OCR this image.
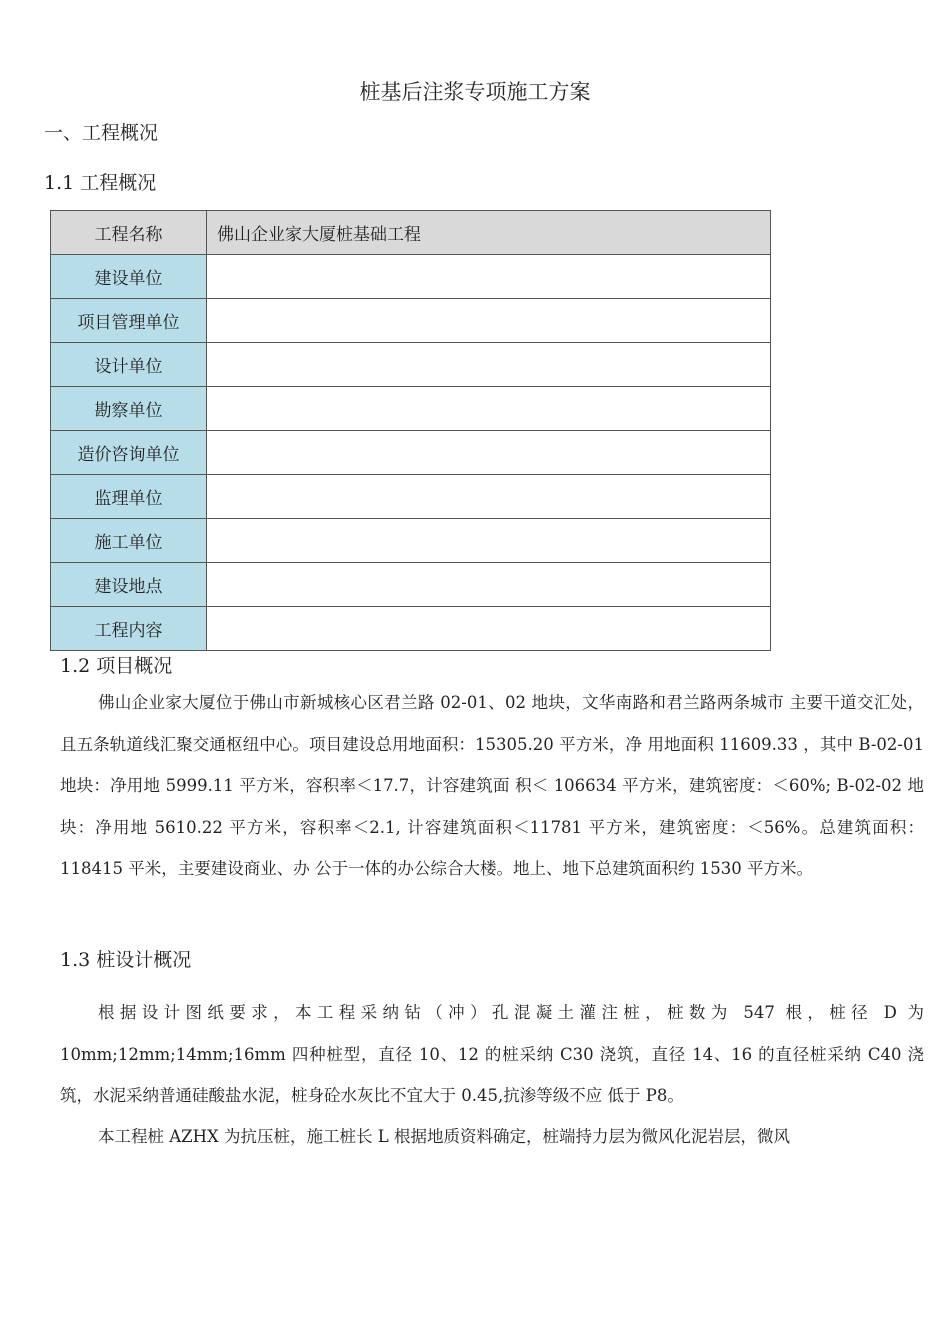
桩基后注浆专项施工方案
一、工程概况
1.1 工程概况
工程名称	佛山企业家大厦桩基础工程
建设单位	
项目管理单位	
设计单位	
勘察单位	
造价咨询单位	
监理单位	
施工单位	
建设地点	
工程内容	
1.2 项目概况

佛山企业家大厦位于佛山市新城核心区君兰路 02-01、02 地块，文华南路和君兰路两条城市 主要干道交汇处，且五条轨道线汇聚交通枢纽中心。项目建设总用地面积：15305.20 平方米，净 用地面积 11609.33 ，其中 B-02-01 地块：净用地 5999.11 平方米，容积率＜17.7，计容建筑面 积＜ 106634 平方米，建筑密度：＜60%; B-02-02 地块：净用地 5610.22 平方米，容积率＜2.1, 计容建筑面积＜11781 平方米，建筑密度：＜56%。总建筑面积：118415 平米，主要建设商业、办 公于一体的办公综合大楼。地上、地下总建筑面积约 1530 平方米。

1.3 桩设计概况

根据设计图纸要求，本工程采纳钻（冲）孔混凝土灌注桩，桩数为 547 根，桩径 D 为 10mm;12mm;14mm;16mm 四种桩型，直径 10、12 的桩采纳 C30 浇筑，直径 14、16 的直径桩采纳 C40 浇筑，水泥采纳普通硅酸盐水泥，桩身砼水灰比不宜大于 0.45,抗渗等级不应 低于 P8。

本工程桩 AZHX 为抗压桩，施工桩长 L 根据地质资料确定，桩端持力层为微风化泥岩层，微风
